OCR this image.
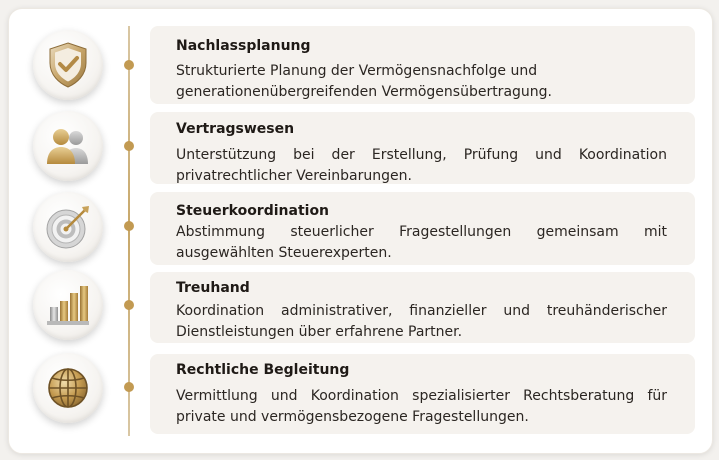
Nachlassplanung
Strukturierte Planung der Vermögensnachfolge und generationenübergreifenden Vermögensübertragung.
Vertragswesen
Unterstützung bei der Erstellung, Prüfung und Koordination privatrechtlicher Vereinbarungen.
Steuerkoordination
Abstimmung steuerlicher Fragestellungen gemeinsam mit ausgewählten Steuerexperten.
Treuhand
Koordination administrativer, finanzieller und treuhänderischer Dienstleistungen über erfahrene Partner.
Rechtliche Begleitung
Vermittlung und Koordination spezialisierter Rechtsberatung für private und vermögensbezogene Fragestellungen.
